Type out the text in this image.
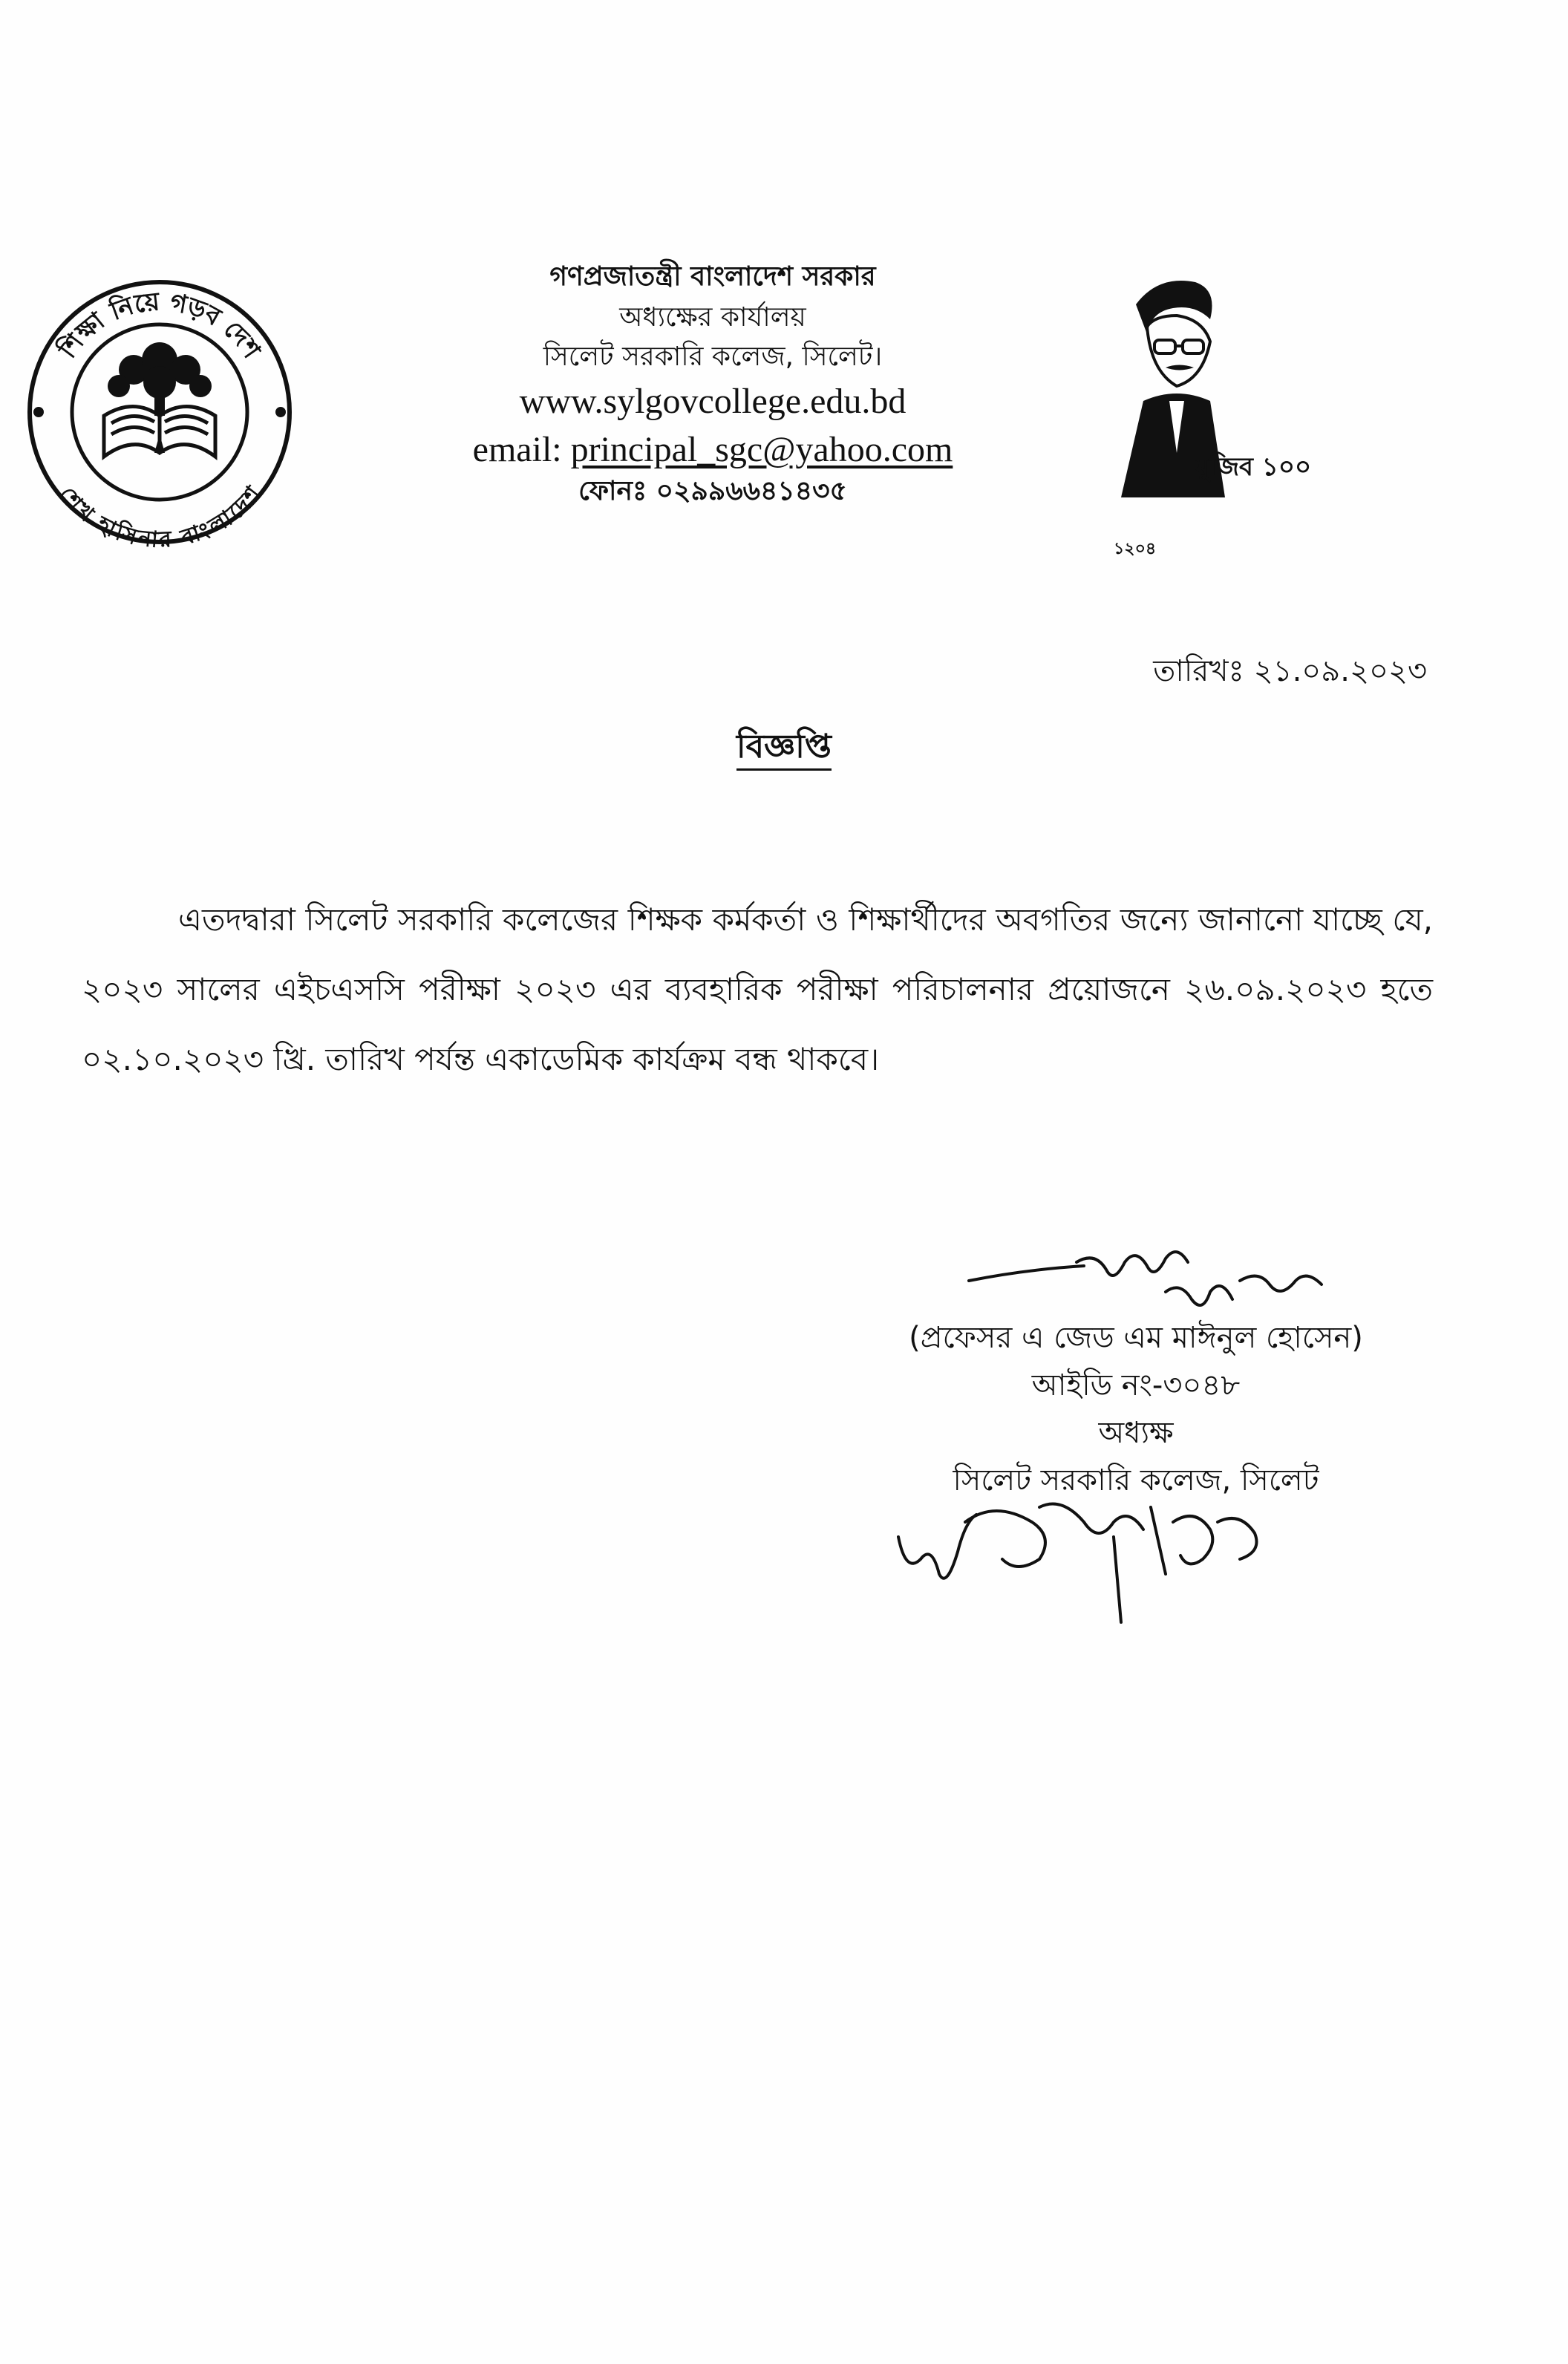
শিক্ষা নিয়ে গড়ব দেশ
শেখ হাসিনার বাংলাদেশ
গণপ্রজাতন্ত্রী বাংলাদেশ সরকার
অধ্যক্ষের কার্যালয়
সিলেট সরকারি কলেজ, সিলেট।
www.sylgovcollege.edu.bd
email: principal_sgc@yahoo.com
ফোনঃ ০২৯৯৬৬৪১৪৩৫
মুজিব ১০০
১২০৪
তারিখঃ ২১.০৯.২০২৩
বিজ্ঞপ্তি
এতদদ্বারা সিলেট সরকারি কলেজের শিক্ষক কর্মকর্তা ও শিক্ষার্থীদের অবগতির জন্যে জানানো যাচ্ছে যে, ২০২৩ সালের এইচএসসি পরীক্ষা ২০২৩ এর ব্যবহারিক পরীক্ষা পরিচালনার প্রয়োজনে ২৬.০৯.২০২৩ হতে ০২.১০.২০২৩ খ্রি. তারিখ পর্যন্ত একাডেমিক কার্যক্রম বন্ধ থাকবে।
(প্রফেসর এ জেড এম মাঈনুল হোসেন)
আইডি নং-৩০৪৮
অধ্যক্ষ
সিলেট সরকারি কলেজ, সিলেট
